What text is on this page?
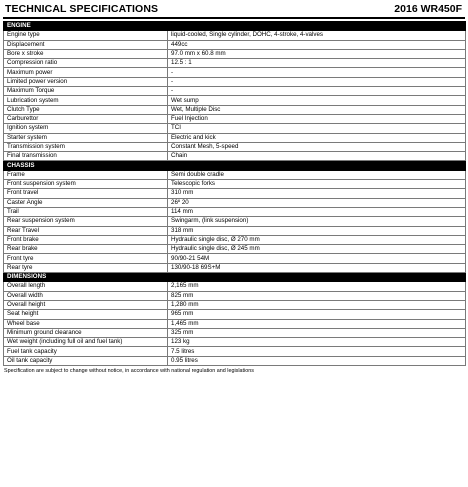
TECHNICAL SPECIFICATIONS	2016 WR450F
ENGINE	
Engine type	liquid-cooled, Single cylinder, DOHC, 4-stroke, 4-valves
Displacement	449cc
Bore x stroke	97.0 mm x 60.8 mm
Compression ratio	12.5 : 1
Maximum power	-
Limited power version	-
Maximum Torque	-
Lubrication system	Wet sump
Clutch Type	Wet, Multiple Disc
Carburettor	Fuel Injection
Ignition system	TCI
Starter system	Electric and kick
Transmission system	Constant Mesh, 5-speed
Final transmission	Chain
CHASSIS	
Frame	Semi double cradle
Front suspension system	Telescopic forks
Front travel	310 mm
Caster Angle	26º 20
Trail	114 mm
Rear suspension system	Swingarm, (link suspension)
Rear Travel	318 mm
Front brake	Hydraulic single disc, Ø 270 mm
Rear brake	Hydraulic single disc, Ø 245 mm
Front tyre	90/90-21 54M
Rear tyre	130/90-18 69S+M
DIMENSIONS	
Overall length	2,165 mm
Overall width	825 mm
Overall height	1,280 mm
Seat height	965 mm
Wheel base	1,465 mm
Minimum ground clearance	325 mm
Wet weight (including full oil and fuel tank)	123 kg
Fuel tank capacity	7.5 litres
Oil tank capacity	0.95 litres
Specification are subject to change without notice, in accordance with national regulation and legislations
